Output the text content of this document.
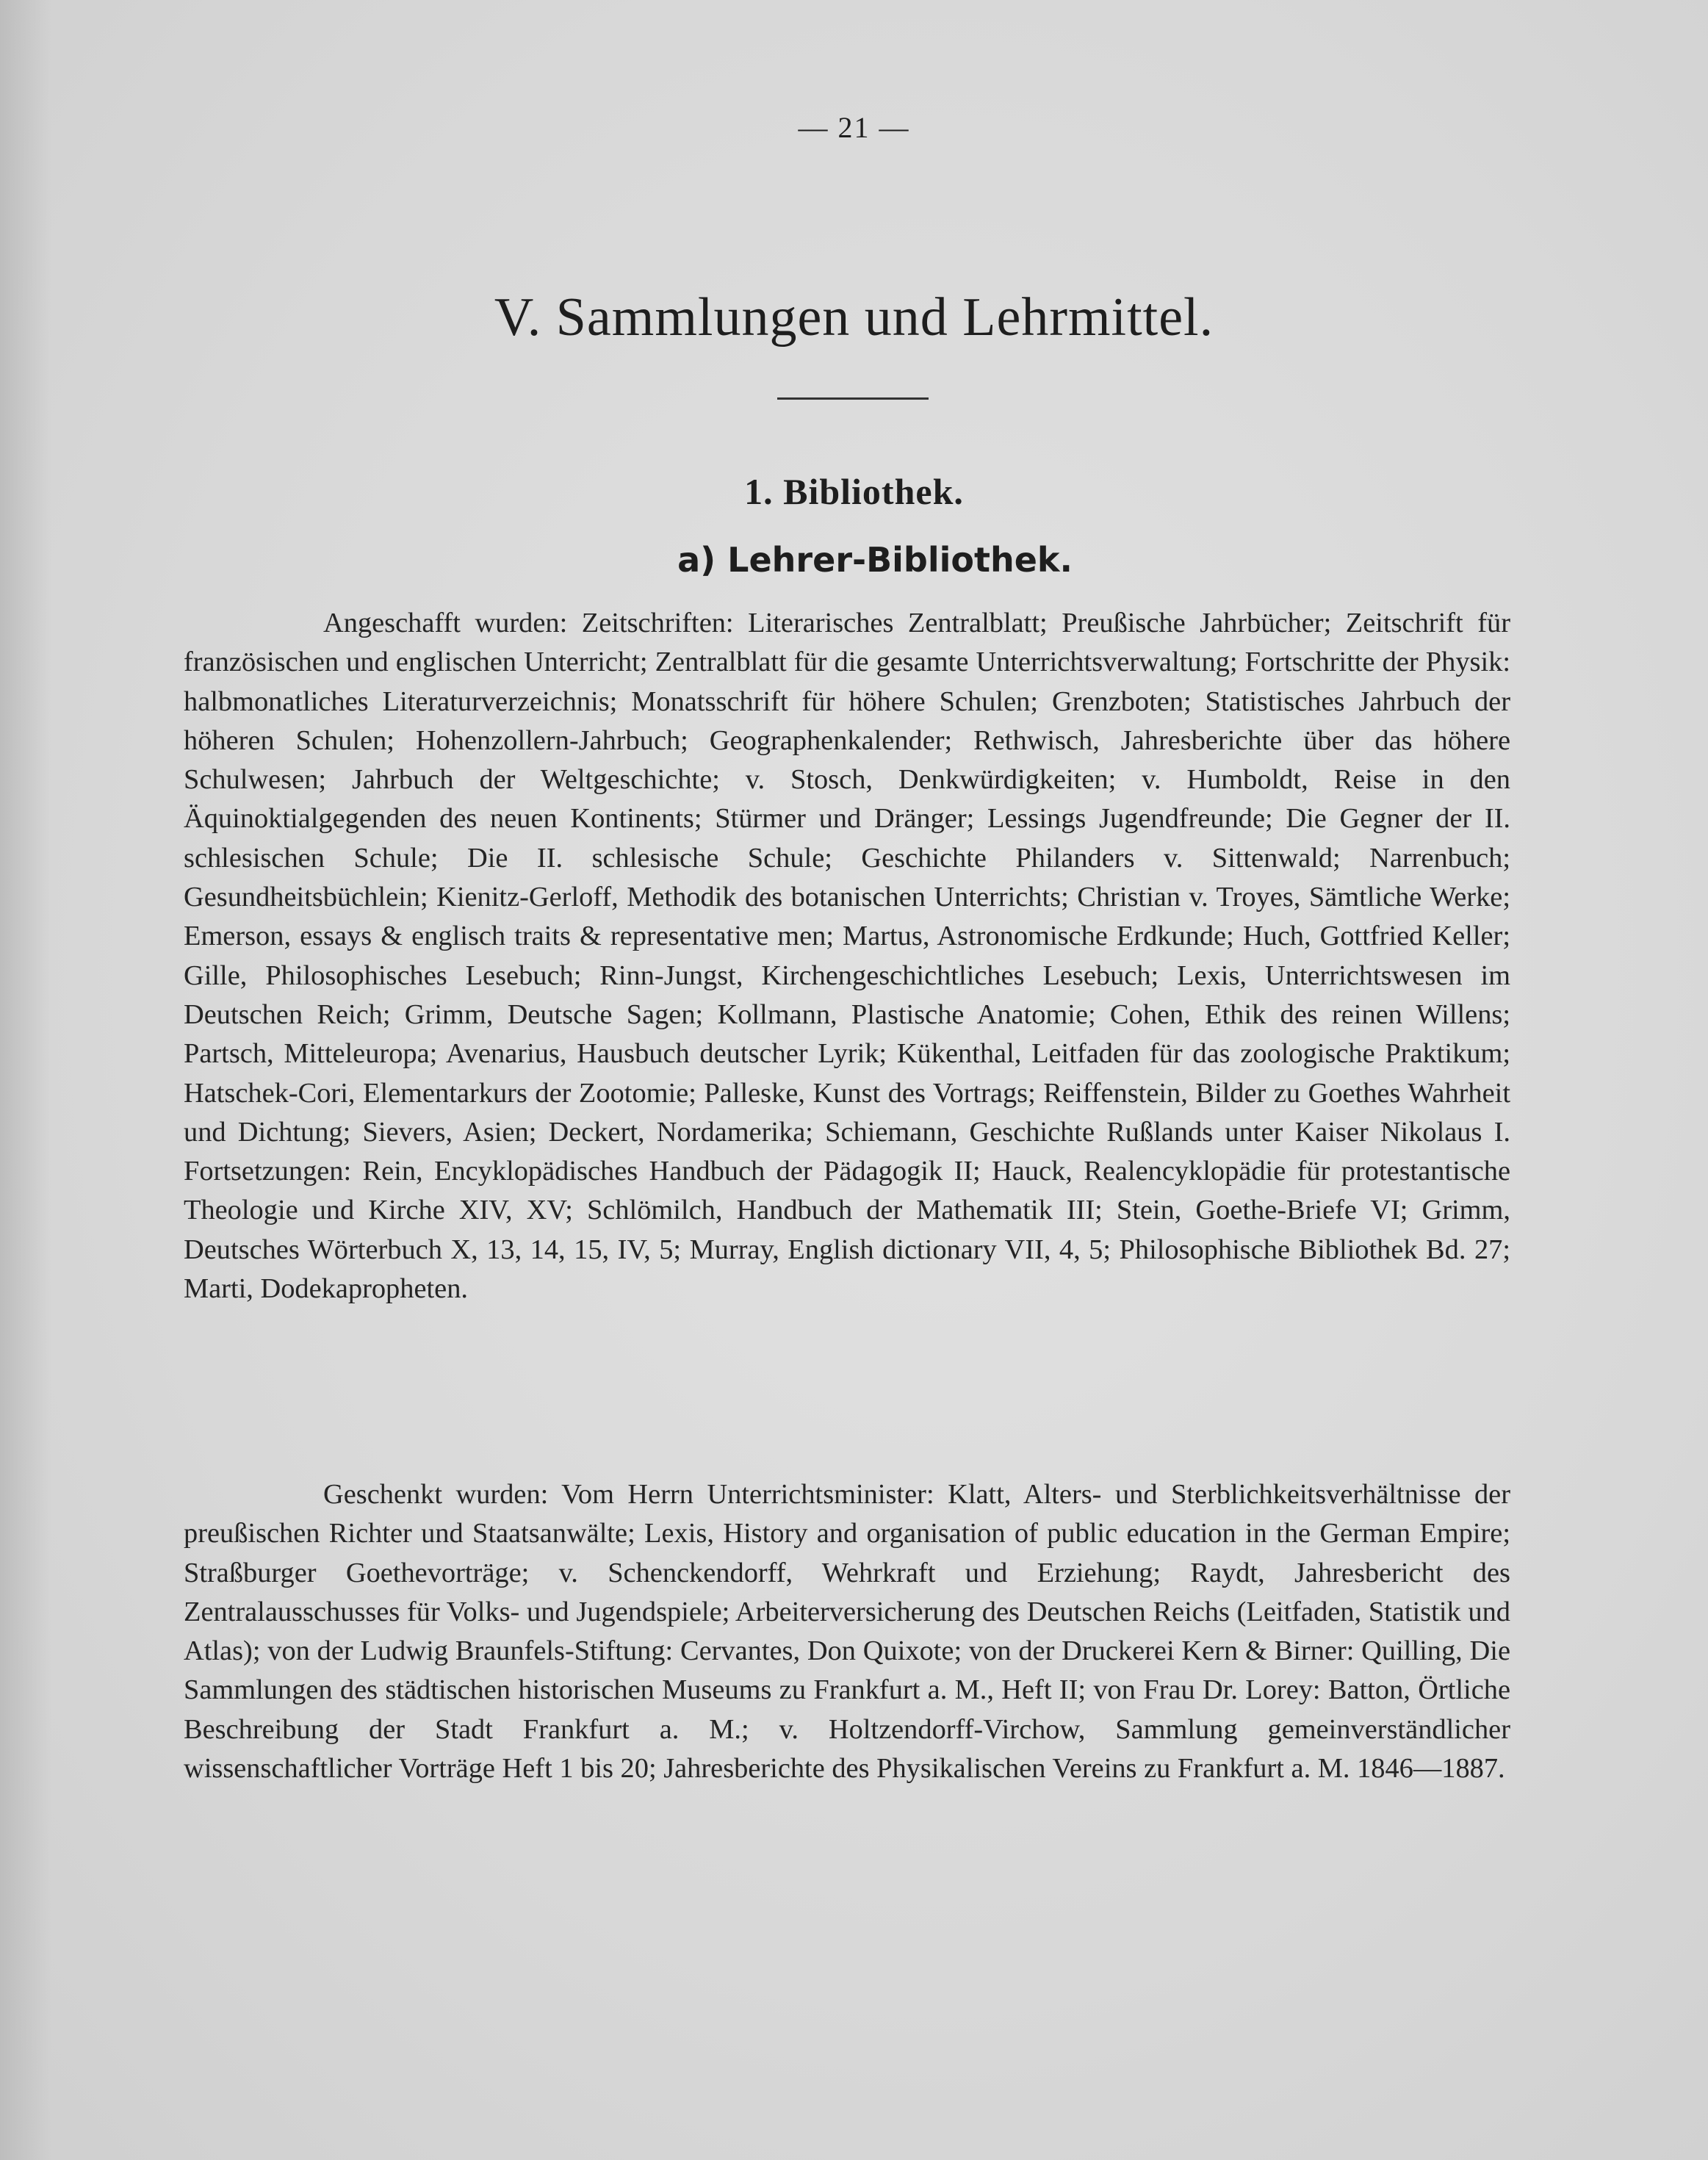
— 21 —
V. Sammlungen und Lehrmittel.
1. Bibliothek.
a) Lehrer-Bibliothek.

Angeschafft wurden: Zeitschriften: Literarisches Zentralblatt; Preußische Jahrbücher; Zeitschrift für französischen und englischen Unterricht; Zentralblatt für die gesamte Unterrichtsverwaltung; Fortschritte der Physik: halbmonatliches Literaturverzeichnis; Monatsschrift für höhere Schulen; Grenzboten; Statistisches Jahrbuch der höheren Schulen; Hohenzollern-Jahrbuch; Geographenkalender; Rethwisch, Jahresberichte über das höhere Schulwesen; Jahrbuch der Weltgeschichte; v. Stosch, Denkwürdigkeiten; v. Humboldt, Reise in den Äquinoktialgegenden des neuen Kontinents; Stürmer und Dränger; Lessings Jugendfreunde; Die Gegner der II. schlesischen Schule; Die II. schlesische Schule; Geschichte Philanders v. Sittenwald; Narrenbuch; Gesundheitsbüchlein; Kienitz-Gerloff, Methodik des botanischen Unterrichts; Christian v. Troyes, Sämtliche Werke; Emerson, essays & englisch traits & representative men; Martus, Astronomische Erdkunde; Huch, Gottfried Keller; Gille, Philosophisches Lesebuch; Rinn-Jungst, Kirchengeschichtliches Lesebuch; Lexis, Unterrichtswesen im Deutschen Reich; Grimm, Deutsche Sagen; Kollmann, Plastische Anatomie; Cohen, Ethik des reinen Willens; Partsch, Mitteleuropa; Avenarius, Hausbuch deutscher Lyrik; Kükenthal, Leitfaden für das zoologische Praktikum; Hatschek-Cori, Elementarkurs der Zootomie; Palleske, Kunst des Vortrags; Reiffenstein, Bilder zu Goethes Wahrheit und Dichtung; Sievers, Asien; Deckert, Nordamerika; Schiemann, Geschichte Rußlands unter Kaiser Nikolaus I. Fortsetzungen: Rein, Encyklopädisches Handbuch der Pädagogik II; Hauck, Realencyklopädie für protestantische Theologie und Kirche XIV, XV; Schlömilch, Handbuch der Mathematik III; Stein, Goethe-Briefe VI; Grimm, Deutsches Wörterbuch X, 13, 14, 15, IV, 5; Murray, English dictionary VII, 4, 5; Philosophische Bibliothek Bd. 27; Marti, Dodekapropheten.

Geschenkt wurden: Vom Herrn Unterrichtsminister: Klatt, Alters- und Sterblichkeitsverhältnisse der preußischen Richter und Staatsanwälte; Lexis, History and organisation of public education in the German Empire; Straßburger Goethevorträge; v. Schenckendorff, Wehrkraft und Erziehung; Raydt, Jahresbericht des Zentralausschusses für Volks- und Jugendspiele; Arbeiterversicherung des Deutschen Reichs (Leitfaden, Statistik und Atlas); von der Ludwig Braunfels-Stiftung: Cervantes, Don Quixote; von der Druckerei Kern & Birner: Quilling, Die Sammlungen des städtischen historischen Museums zu Frankfurt a. M., Heft II; von Frau Dr. Lorey: Batton, Örtliche Beschreibung der Stadt Frankfurt a. M.; v. Holtzendorff-Virchow, Sammlung gemeinverständlicher wissenschaftlicher Vorträge Heft 1 bis 20; Jahresberichte des Physikalischen Vereins zu Frankfurt a. M. 1846—1887.
